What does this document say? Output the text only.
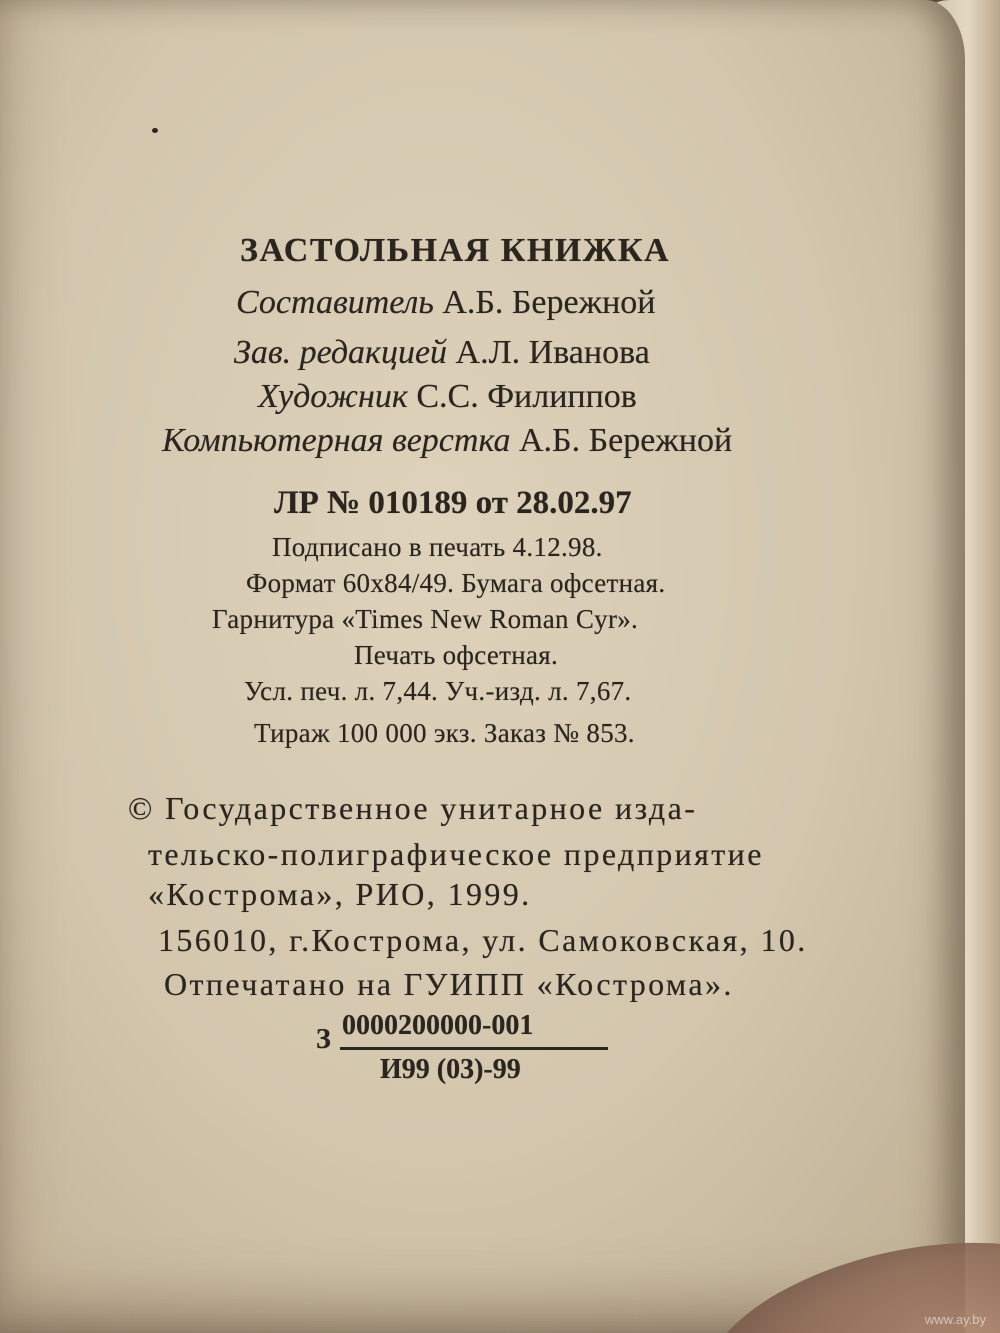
ЗАСТОЛЬНАЯ КНИЖКА

Составитель А.Б. Бережной

Зав. редакцией А.Л. Иванова

Художник С.С. Филиппов

Компьютерная верстка А.Б. Бережной

ЛР № 010189 от 28.02.97

Подписано в печать 4.12.98.

Формат 60х84/49. Бумага офсетная.

Гарнитура «Times New Roman Cyr».

Печать офсетная.

Усл. печ. л. 7,44. Уч.-изд. л. 7,67.

Тираж 100 000 экз. Заказ № 853.

© Государственное унитарное изда-

тельско-полиграфическое предприятие

«Кострома», РИО, 1999.

156010, г.Кострома, ул. Самоковская, 10.

Отпечатано на ГУИПП «Кострома».

З 0000200000-001

И99 (03)-99

www.ay.by
